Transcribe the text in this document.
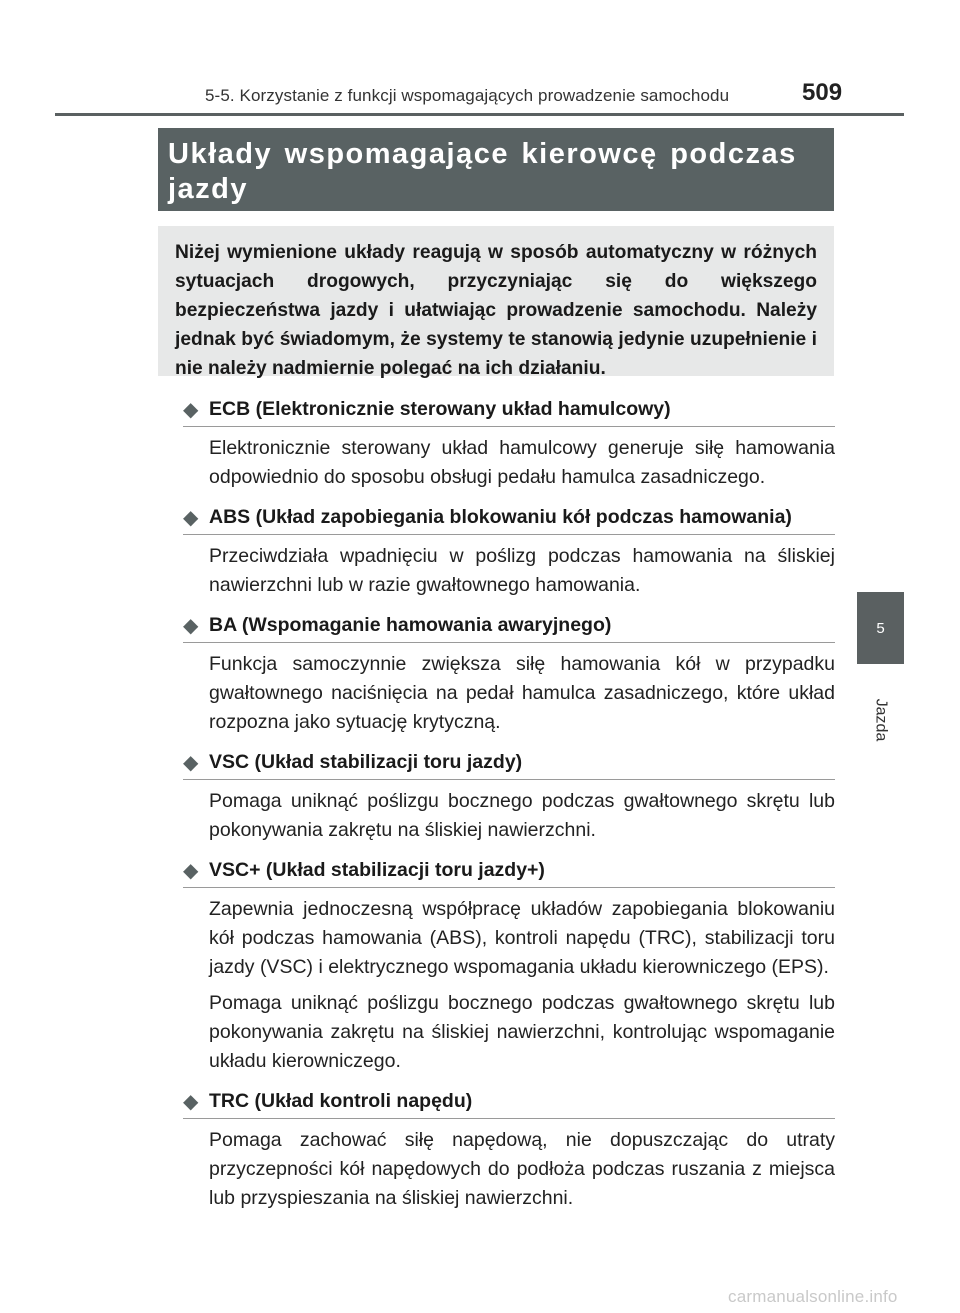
5-5. Korzystanie z funkcji wspomagających prowadzenie samochodu	509
Układy wspomagające kierowcę podczas jazdy
Niżej wymienione układy reagują w sposób automatyczny w różnych sytuacjach drogowych, przyczyniając się do większego bezpieczeństwa jazdy i ułatwiając prowadzenie samochodu. Należy jednak być świadomym, że systemy te stanowią jedynie uzupełnienie i nie należy nadmiernie polegać na ich działaniu.
◆ ECB (Elektronicznie sterowany układ hamulcowy)

Elektronicznie sterowany układ hamulcowy generuje siłę hamowania odpowiednio do sposobu obsługi pedału hamulca zasadniczego.

◆ ABS (Układ zapobiegania blokowaniu kół podczas hamowania)

Przeciwdziała wpadnięciu w poślizg podczas hamowania na śliskiej nawierzchni lub w razie gwałtownego hamowania.

◆ BA (Wspomaganie hamowania awaryjnego)

Funkcja samoczynnie zwiększa siłę hamowania kół w przypadku gwałtownego naciśnięcia na pedał hamulca zasadniczego, które układ rozpozna jako sytuację krytyczną.

◆ VSC (Układ stabilizacji toru jazdy)

Pomaga uniknąć poślizgu bocznego podczas gwałtownego skrętu lub pokonywania zakrętu na śliskiej nawierzchni.

◆ VSC+ (Układ stabilizacji toru jazdy+)

Zapewnia jednoczesną współpracę układów zapobiegania blokowaniu kół podczas hamowania (ABS), kontroli napędu (TRC), stabilizacji toru jazdy (VSC) i elektrycznego wspomagania układu kierowniczego (EPS).

Pomaga uniknąć poślizgu bocznego podczas gwałtownego skrętu lub pokonywania zakrętu na śliskiej nawierzchni, kontrolując wspomaganie układu kierowniczego.

◆ TRC (Układ kontroli napędu)

Pomaga zachować siłę napędową, nie dopuszczając do utraty przyczepności kół napędowych do podłoża podczas ruszania z miejsca lub przyspieszania na śliskiej nawierzchni.

5
Jazda
carmanualsonline.info
